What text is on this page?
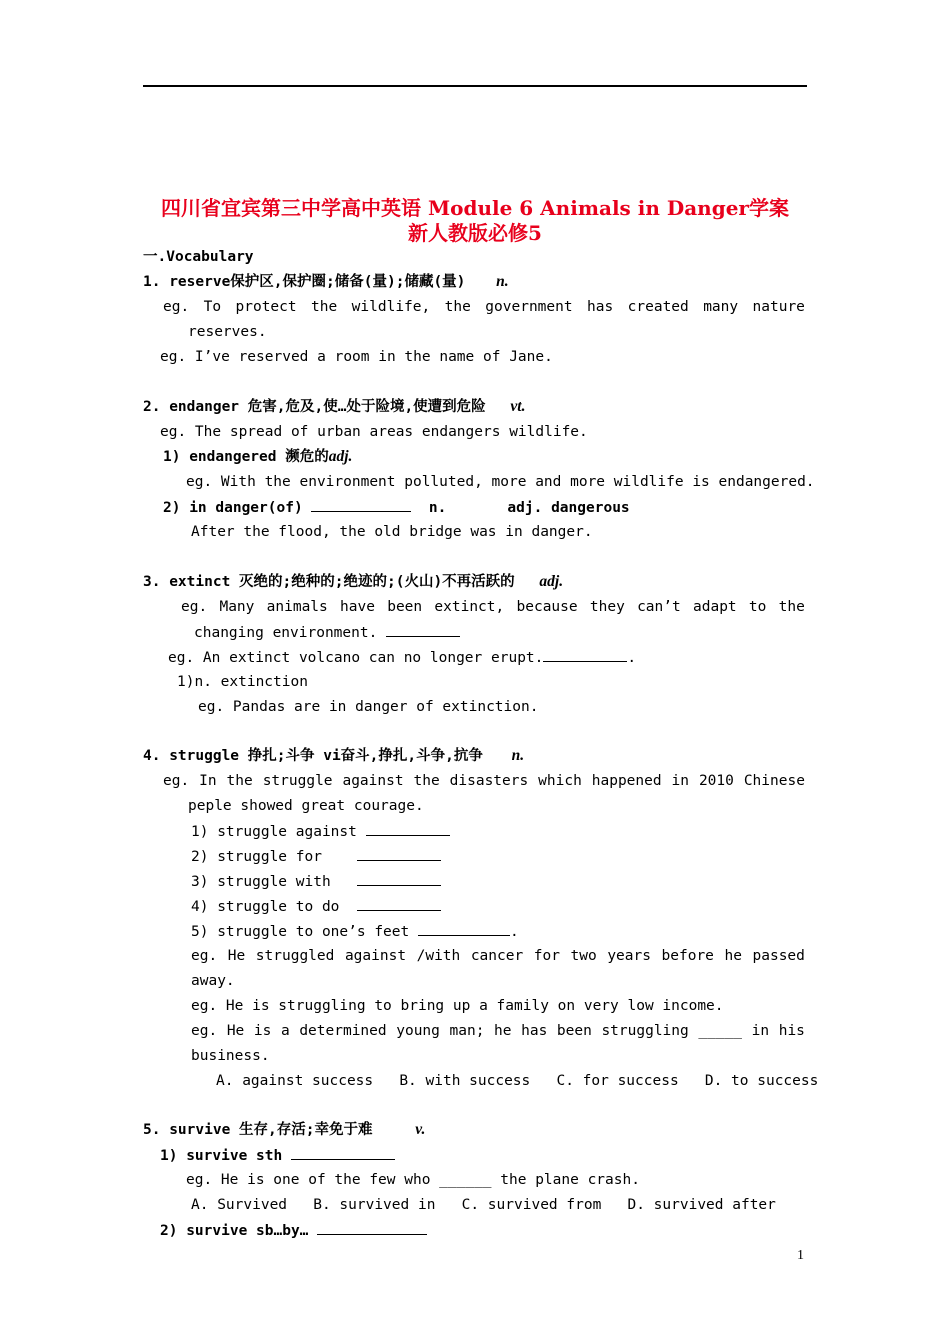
四川省宜宾第三中学高中英语 Module 6 Animals in Danger学案
新人教版必修5
一.Vocabulary
1. reserve保护区,保护圈;储备(量);储藏(量) n.
eg. To protect the wildlife, the government has created many nature
reserves.
eg. I’ve reserved a room in the name of Jane.
2. endanger 危害,危及,使…处于险境,使遭到危险 vt.
eg. The spread of urban areas endangers wildlife.
1) endangered 濒危的adj.
eg. With the environment polluted, more and more wildlife is endangered.
2) in danger(of)	n.       adj. dangerous
After the flood, the old bridge was in danger.
3. extinct 灭绝的;绝种的;绝迹的;(火山)不再活跃的 adj.
eg. Many animals have been extinct, because they can’t adapt to the
changing environment.
eg. An extinct volcano can no longer erupt.	.
1)n. extinction
eg. Pandas are in danger of extinction.
4. struggle 挣扎;斗争 vi奋斗,挣扎,斗争,抗争 n.
eg. In the struggle against the disasters which happened in 2010 Chinese
peple showed great courage.
1) struggle against
2) struggle for
3) struggle with
4) struggle to do
5) struggle to one’s feet	.
eg. He struggled against /with cancer for two years before he passed
away.
eg. He is struggling to bring up a family on very low income.
eg. He is a determined young man; he has been struggling _____ in his
business.
A. against success   B. with success   C. for success   D. to success
5. survive 生存,存活;幸免于难	v.
1) survive sth
eg. He is one of the few who ______ the plane crash.
A. Survived   B. survived in   C. survived from   D. survived after
2) survive sb…by…
1
